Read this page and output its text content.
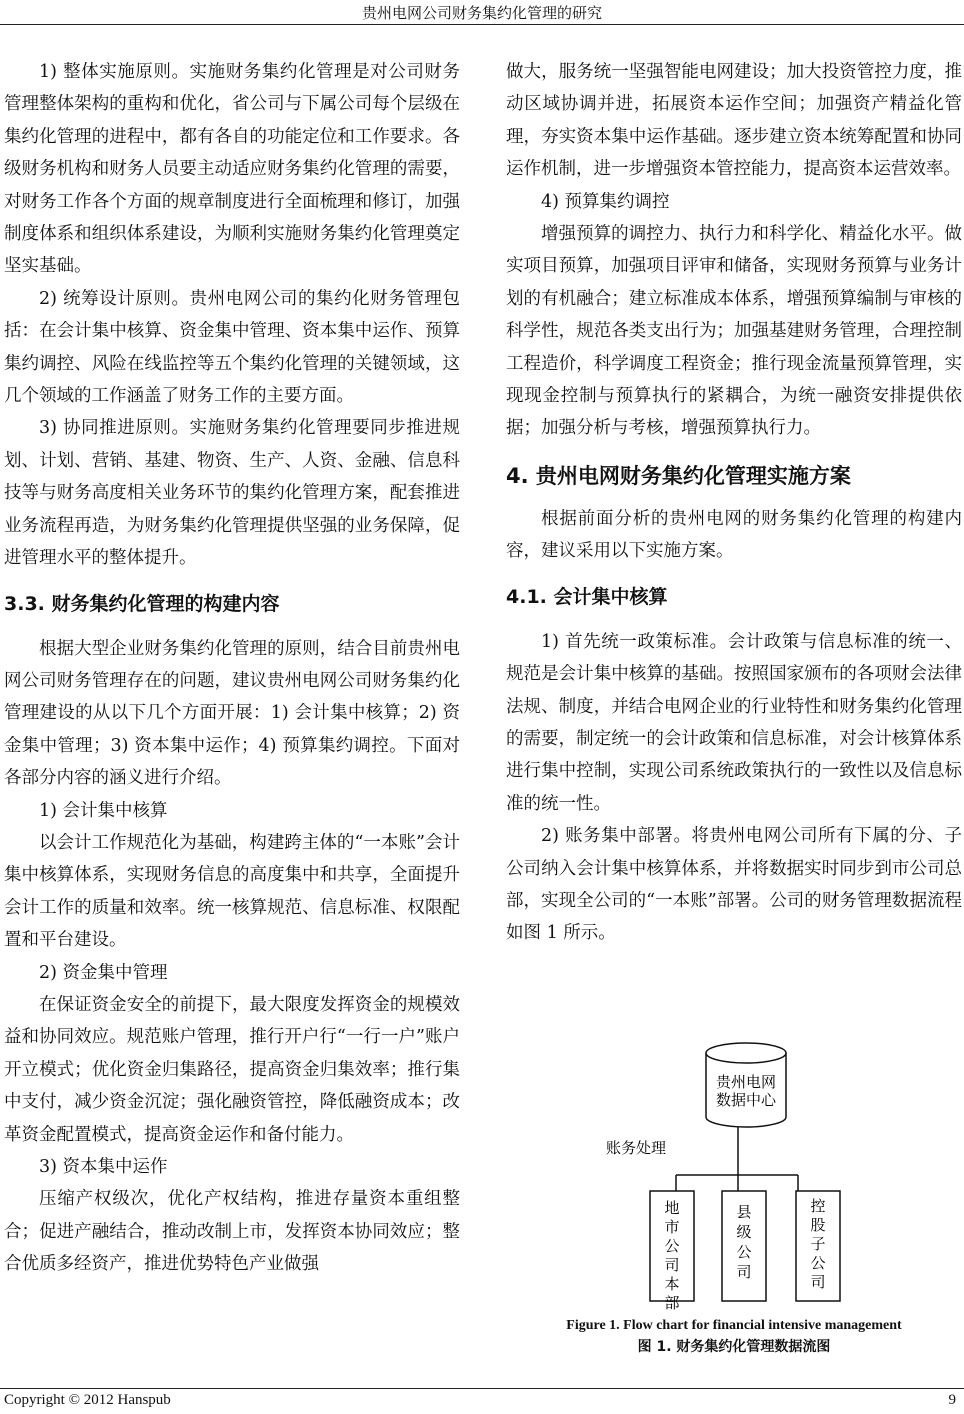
贵州电网公司财务集约化管理的研究

1) 整体实施原则。实施财务集约化管理是对公司财务管理整体架构的重构和优化，省公司与下属公司每个层级在集约化管理的进程中，都有各自的功能定位和工作要求。各级财务机构和财务人员要主动适应财务集约化管理的需要，对财务工作各个方面的规章制度进行全面梳理和修订，加强制度体系和组织体系建设，为顺利实施财务集约化管理奠定坚实基础。

2) 统筹设计原则。贵州电网公司的集约化财务管理包括：在会计集中核算、资金集中管理、资本集中运作、预算集约调控、风险在线监控等五个集约化管理的关键领域，这几个领域的工作涵盖了财务工作的主要方面。

3) 协同推进原则。实施财务集约化管理要同步推进规划、计划、营销、基建、物资、生产、人资、金融、信息科技等与财务高度相关业务环节的集约化管理方案，配套推进业务流程再造，为财务集约化管理提供坚强的业务保障，促进管理水平的整体提升。

3.3. 财务集约化管理的构建内容

根据大型企业财务集约化管理的原则，结合目前贵州电网公司财务管理存在的问题，建议贵州电网公司财务集约化管理建设的从以下几个方面开展：1) 会计集中核算；2) 资金集中管理；3) 资本集中运作；4) 预算集约调控。下面对各部分内容的涵义进行介绍。

1) 会计集中核算

以会计工作规范化为基础，构建跨主体的“一本账”会计集中核算体系，实现财务信息的高度集中和共享，全面提升会计工作的质量和效率。统一核算规范、信息标准、权限配置和平台建设。

2) 资金集中管理

在保证资金安全的前提下，最大限度发挥资金的规模效益和协同效应。规范账户管理，推行开户行“一行一户”账户开立模式；优化资金归集路径，提高资金归集效率；推行集中支付，减少资金沉淀；强化融资管控，降低融资成本；改革资金配置模式，提高资金运作和备付能力。

3) 资本集中运作

压缩产权级次，优化产权结构，推进存量资本重组整合；促进产融结合，推动改制上市，发挥资本协同效应；整合优质多经资产，推进优势特色产业做强

做大，服务统一坚强智能电网建设；加大投资管控力度，推动区域协调并进，拓展资本运作空间；加强资产精益化管理，夯实资本集中运作基础。逐步建立资本统筹配置和协同运作机制，进一步增强资本管控能力，提高资本运营效率。

4) 预算集约调控

增强预算的调控力、执行力和科学化、精益化水平。做实项目预算，加强项目评审和储备，实现财务预算与业务计划的有机融合；建立标准成本体系，增强预算编制与审核的科学性，规范各类支出行为；加强基建财务管理，合理控制工程造价，科学调度工程资金；推行现金流量预算管理，实现现金控制与预算执行的紧耦合，为统一融资安排提供依据；加强分析与考核，增强预算执行力。

4. 贵州电网财务集约化管理实施方案

根据前面分析的贵州电网的财务集约化管理的构建内容，建议采用以下实施方案。

4.1. 会计集中核算

1) 首先统一政策标准。会计政策与信息标准的统一、规范是会计集中核算的基础。按照国家颁布的各项财会法律法规、制度，并结合电网企业的行业特性和财务集约化管理的需要，制定统一的会计政策和信息标准，对会计核算体系进行集中控制，实现公司系统政策执行的一致性以及信息标准的统一性。

2) 账务集中部署。将贵州电网公司所有下属的分、子公司纳入会计集中核算体系，并将数据实时同步到市公司总部，实现全公司的“一本账”部署。公司的财务管理数据流程如图 1 所示。

贵州电网
数据中心
账务处理
地市公司本部
县级公司
控股子公司
Figure 1. Flow chart for financial intensive management
图 1. 财务集约化管理数据流图
Copyright © 2012 Hanspub	9
